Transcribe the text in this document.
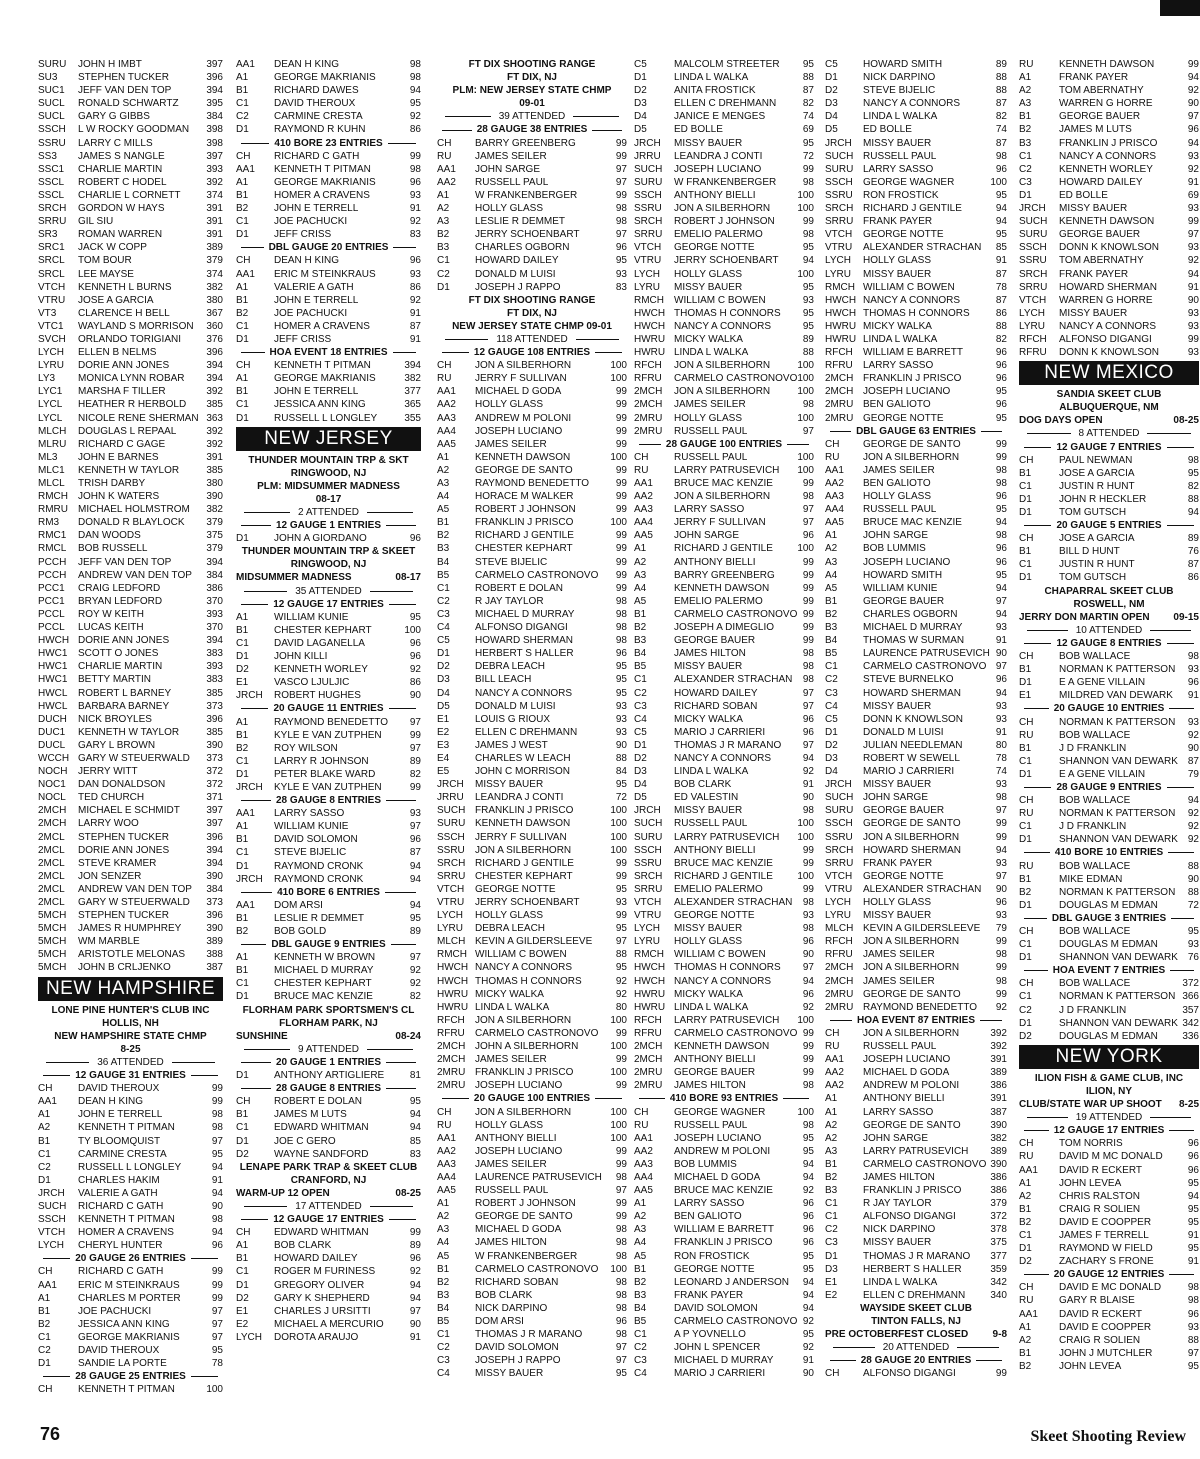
SURU	JOHN H IMBT	397
SU3	STEPHEN TUCKER	396
SUC1	JEFF VAN DEN TOP	394
SUCL	RONALD SCHWARTZ	395
SUCL	GARY G GIBBS	384
SSCH	L W ROCKY GOODMAN	398
SSRU	LARRY C MILLS	398
SS3	JAMES S NANGLE	397
SSC1	CHARLIE MARTIN	393
SSCL	ROBERT C HODEL	392
SSCL	CHARLIE L CORNETT	374
SRCH	GORDON W HAYS	391
SRRU	GIL SIU	391
SR3	ROMAN WARREN	391
SRC1	JACK W COPP	389
SRCL	TOM BOUR	379
SRCL	LEE MAYSE	374
VTCH	KENNETH L BURNS	382
VTRU	JOSE A GARCIA	380
VT3	CLARENCE H BELL	367
VTC1	WAYLAND S MORRISON	360
SVCH	ORLANDO TORIGIANI	376
LYCH	ELLEN B NELMS	396
LYRU	DORIE ANN JONES	394
LY3	MONICA LYNN ROBAR	394
LYC1	MARSHA F TILLER	392
LYCL	HEATHER R HERBOLD	385
LYCL	NICOLE RENE SHERMAN 363
MLCH	DOUGLAS L REPAAL	392
MLRU	RICHARD C GAGE	392
ML3	JOHN E BARNES	391
MLC1	KENNETH W TAYLOR	385
MLCL	TRISH DARBY	380
RMCH	JOHN K WATERS	390
RMRU	MICHAEL HOLMSTROM	382
RM3	DONALD R BLAYLOCK	379
RMC1	DAN WOODS	375
RMCL	BOB RUSSELL	379
PCCH	JEFF VAN DEN TOP	394
PCCH	ANDREW VAN DEN TOP	384
PCC1	CRAIG LEDFORD	386
PCC1	BRYAN LEDFORD	370
PCCL	ROY W KEITH	393
PCCL	LUCAS KEITH	370
HWCH DORIE ANN JONES	394
HWC1	SCOTT O JONES	383
HWC1	CHARLIE MARTIN	393
HWC1	BETTY MARTIN	383
HWCL	ROBERT L BARNEY	385
HWCL	BARBARA BARNEY	373
DUCH	NICK BROYLES	396
DUC1	KENNETH W TAYLOR	385
DUCL	GARY L BROWN	390
WCCH GARY W STEUERWALD	373
NOCH	JERRY WITT	372
NOC1	DAN DONALDSON	372
NOCL	TED CHURCH	371
2MCH	MICHAEL E SCHMIDT	397
2MCH	LARRY WOO	397
2MCL	STEPHEN TUCKER	396
2MCL	DORIE ANN JONES	394
2MCL	STEVE KRAMER	394
2MCL	JON SENZER	390
2MCL	ANDREW VAN DEN TOP	384
2MCL	GARY W STEUERWALD	373
5MCH	STEPHEN TUCKER	396
5MCH	JAMES R HUMPHREY	390
5MCH	WM MARBLE	389
5MCH	ARISTOTLE MELONAS	388
5MCH	JOHN B CRLJENKO	387
NEW HAMPSHIRE
LONE PINE HUNTER'S CLUB INC
HOLLIS, NH
NEW HAMPSHIRE STATE CHMP
8-25
36 ATTENDED
12 GAUGE 31 ENTRIES
CH	DAVID THEROUX	99
AA1	DEAN H KING	99
A1	JOHN E TERRELL	98
A2	KENNETH T PITMAN	98
B1	TY BLOOMQUIST	97
C1	CARMINE CRESTA	95
C2	RUSSELL L LONGLEY	94
D1	CHARLES HAKIM	91
JRCH	VALERIE A GATH	94
SUCH	RICHARD C GATH	90
SSCH	KENNETH T PITMAN	98
VTCH	HOMER A CRAVENS	94
LYCH	CHERYL HUNTER	96
20 GAUGE 26 ENTRIES
CH	RICHARD C GATH	99
AA1	ERIC M STEINKRAUS	99
A1	CHARLES M PORTER	99
B1	JOE PACHUCKI	97
B2	JESSICA ANN KING	97
C1	GEORGE MAKRIANIS	97
C2	DAVID THEROUX	95
D1	SANDIE LA PORTE	78
28 GAUGE 25 ENTRIES
CH	KENNETH T PITMAN	100
AA1	DEAN H KING	98
A1	GEORGE MAKRIANIS	98
B1	RICHARD DAWES	94
C1	DAVID THEROUX	95
C2	CARMINE CRESTA	92
D1	RAYMOND R KUHN	86
410 BORE 23 ENTRIES
CH	RICHARD C GATH	99
AA1	KENNETH T PITMAN	98
A1	GEORGE MAKRIANIS	96
B1	HOMER A CRAVENS	93
B2	JOHN E TERRELL	91
C1	JOE PACHUCKI	92
D1	JEFF CRISS	83
DBL GAUGE 20 ENTRIES
CH	DEAN H KING	96
AA1	ERIC M STEINKRAUS	93
A1	VALERIE A GATH	86
B1	JOHN E TERRELL	92
B2	JOE PACHUCKI	91
C1	HOMER A CRAVENS	87
D1	JEFF CRISS	91
HOA EVENT 18 ENTRIES
CH	KENNETH T PITMAN	394
A1	GEORGE MAKRIANIS	382
B1	JOHN E TERRELL	377
C1	JESSICA ANN KING	365
D1	RUSSELL L LONGLEY	355
NEW JERSEY
THUNDER MOUNTAIN TRP & SKT
RINGWOOD, NJ
PLM: MIDSUMMER MADNESS
08-17
2 ATTENDED
12 GAUGE 1 ENTRIES
D1	JOHN A GIORDANO	96
THUNDER MOUNTAIN TRP & SKEET
RINGWOOD, NJ
MIDSUMMER MADNESS	08-17
35 ATTENDED
12 GAUGE 17 ENTRIES
A1	WILLIAM KUNIE	95
B1	CHESTER KEPHART	100
C1	DAVID LAGANELLA	96
D1	JOHN KILLI	96
D2	KENNETH WORLEY	92
E1	VASCO LJULJIC	86
JRCH	ROBERT HUGHES	90
20 GAUGE 11 ENTRIES
A1	RAYMOND BENEDETTO	97
B1	KYLE E VAN ZUTPHEN	99
B2	ROY WILSON	97
C1	LARRY R JOHNSON	89
D1	PETER BLAKE WARD	82
JRCH	KYLE E VAN ZUTPHEN	99
28 GAUGE 8 ENTRIES
AA1	LARRY SASSO	93
A1	WILLIAM KUNIE	97
B1	DAVID SOLOMON	96
C1	STEVE BIJELIC	87
D1	RAYMOND CRONK	94
JRCH	RAYMOND CRONK	94
410 BORE 6 ENTRIES
AA1	DOM ARSI	94
B1	LESLIE R DEMMET	95
B2	BOB GOLD	89
DBL GAUGE 9 ENTRIES
A1	KENNETH W BROWN	97
B1	MICHAEL D MURRAY	92
C1	CHESTER KEPHART	92
D1	BRUCE MAC KENZIE	82
FLORHAM PARK SPORTSMEN'S CL
FLORHAM PARK, NJ
SUNSHINE	08-24
9 ATTENDED
20 GAUGE 1 ENTRIES
D1	ANTHONY ARTIGLIERE	81
28 GAUGE 8 ENTRIES
CH	ROBERT E DOLAN	95
B1	JAMES M LUTS	94
C1	EDWARD WHITMAN	94
D1	JOE C GERO	85
D2	WAYNE SANDFORD	83
LENAPE PARK TRAP & SKEET CLUB
CRANFORD, NJ
WARM-UP 12 OPEN	08-25
17 ATTENDED
12 GAUGE 17 ENTRIES
CH	EDWARD WHITMAN	99
A1	BOB CLARK	89
B1	HOWARD DAILEY	96
C1	ROGER M FURINESS	92
D1	GREGORY OLIVER	94
D2	GARY K SHEPHERD	94
E1	CHARLES J URSITTI	97
E2	MICHAEL A MERCURIO	90
LYCH	DOROTA ARAUJO	91
FT DIX SHOOTING RANGE
FT DIX, NJ
PLM: NEW JERSEY STATE CHMP
09-01
39 ATTENDED
28 GAUGE 38 ENTRIES
CH	BARRY GREENBERG	99
RU	JAMES SEILER	99
AA1	JOHN SARGE	97
AA2	RUSSELL PAUL	97
A1	W FRANKENBERGER	99
A2	HOLLY GLASS	98
A3	LESLIE R DEMMET	98
B2	JERRY SCHOENBART	97
B3	CHARLES OGBORN	96
C1	HOWARD DAILEY	95
C2	DONALD M LUISI	93
D1	JOSEPH J RAPPO	83
FT DIX SHOOTING RANGE
FT DIX, NJ
NEW JERSEY STATE CHMP 09-01
118 ATTENDED
12 GAUGE 108 ENTRIES
CH	JON A SILBERHORN	100
RU	JERRY F SULLIVAN	100
AA1	MICHAEL D GODA	99
AA2	HOLLY GLASS	99
AA3	ANDREW M POLONI	99
AA4	JOSEPH LUCIANO	99
AA5	JAMES SEILER	99
A1	KENNETH DAWSON	100
A2	GEORGE DE SANTO	99
A3	RAYMOND BENEDETTO	99
A4	HORACE M WALKER	99
A5	ROBERT J JOHNSON	99
B1	FRANKLIN J PRISCO	100
B2	RICHARD J GENTILE	99
B3	CHESTER KEPHART	99
B4	STEVE BIJELIC	99
B5	CARMELO CASTRONOVO	99
C1	ROBERT E DOLAN	99
C2	R JAY TAYLOR	98
C3	MICHAEL D MURRAY	98
C4	ALFONSO DIGANGI	98
C5	HOWARD SHERMAN	98
D1	HERBERT S HALLER	96
D2	DEBRA LEACH	95
D3	BILL LEACH	95
D4	NANCY A CONNORS	95
D5	DONALD M LUISI	93
E1	LOUIS G RIOUX	93
E2	ELLEN C DREHMANN	93
E3	JAMES J WEST	90
E4	CHARLES W LEACH	88
E5	JOHN C MORRISON	84
JRCH	MISSY BAUER	95
JRRU	LEANDRA J CONTI	72
SUCH FRANKLIN J PRISCO	100
SURU KENNETH DAWSON	100
SSCH	JERRY F SULLIVAN	100
SSRU	JON A SILBERHORN	100
SRCH RICHARD J GENTILE	99
SRRU CHESTER KEPHART	99
VTCH	GEORGE NOTTE	95
VTRU	JERRY SCHOENBART	93
LYCH	HOLLY GLASS	99
LYRU	DEBRA LEACH	95
MLCH KEVIN A GILDERSLEEVE	97
RMCH WILLIAM C BOWEN	88
HWCH NANCY A CONNORS	95
HWCH THOMAS H CONNORS	92
HWRU MICKY WALKA	92
HWRU LINDA L WALKA	80
RFCH	JON A SILBERHORN	100
RFRU	CARMELO CASTRONOVO	99
2MCH JOHN A SILBERHORN	100
2MCH JAMES SEILER	99
2MRU FRANKLIN J PRISCO	100
2MRU JOSEPH LUCIANO	99
20 GAUGE 100 ENTRIES
CH	JON A SILBERHORN	100
RU	HOLLY GLASS	100
AA1	ANTHONY BIELLI	100
AA2	JOSEPH LUCIANO	99
AA3	JAMES SEILER	99
AA4	LAURENCE PATRUSEVICH	98
AA5	RUSSELL PAUL	97
A1	ROBERT J JOHNSON	99
A2	GEORGE DE SANTO	99
A3	MICHAEL D GODA	98
A4	JAMES HILTON	98
A5	W FRANKENBERGER	98
B1	CARMELO CASTRONOVO	100
B2	RICHARD SOBAN	98
B3	BOB CLARK	98
B4	NICK DARPINO	98
B5	DOM ARSI	96
C1	THOMAS J R MARANO	98
C2	DAVID SOLOMON	97
C3	JOSEPH J RAPPO	97
C4	MISSY BAUER	95
C5	MALCOLM STREETER	95
D1	LINDA L WALKA	88
D2	ANITA FROSTICK	87
D3	ELLEN C DREHMANN	82
D4	JANICE E MENGES	74
D5	ED BOLLE	69
JRCH	MISSY BAUER	95
JRRU	LEANDRA J CONTI	72
SUCH	JOSEPH LUCIANO	99
SURU	W FRANKENBERGER	98
SSCH	ANTHONY BIELLI	100
SSRU	JON A SILBERHORN	100
SRCH	ROBERT J JOHNSON	99
SRRU	EMELIO PALERMO	98
VTCH	GEORGE NOTTE	95
VTRU	JERRY SCHOENBART	94
LYCH	HOLLY GLASS	100
LYRU	MISSY BAUER	95
RMCH	WILLIAM C BOWEN	93
HWCH THOMAS H CONNORS	95
HWCH NANCY A CONNORS	95
HWRU MICKY WALKA	89
HWRU LINDA L WALKA	88
RFCH	JON A SILBERHORN	100
RFRU	CARMELO CASTRONOVO 100
2MCH	JON A SILBERHORN	100
2MCH	JAMES SEILER	98
2MRU	HOLLY GLASS	100
2MRU	RUSSELL PAUL	97
28 GAUGE 100 ENTRIES
CH	RUSSELL PAUL	100
RU	LARRY PATRUSEVICH	100
AA1	BRUCE MAC KENZIE	99
AA2	JON A SILBERHORN	98
AA3	LARRY SASSO	97
AA4	JERRY F SULLIVAN	97
AA5	JOHN SARGE	96
A1	RICHARD J GENTILE	100
A2	ANTHONY BIELLI	99
A3	BARRY GREENBERG	99
A4	KENNETH DAWSON	99
A5	EMELIO PALERMO	99
B1	CARMELO CASTRONOVO 99
B2	JOSEPH A DIMEGLIO	99
B3	GEORGE BAUER	99
B4	JAMES HILTON	98
B5	MISSY BAUER	98
C1	ALEXANDER STRACHAN	98
C2	HOWARD DAILEY	97
C3	RICHARD SOBAN	97
C4	MICKY WALKA	96
C5	MARIO J CARRIERI	96
D1	THOMAS J R MARANO	97
D2	NANCY A CONNORS	94
D3	LINDA L WALKA	92
D4	BOB CLARK	91
D5	ED VALESTIN	90
JRCH	MISSY BAUER	98
SUCH	RUSSELL PAUL	100
SURU	LARRY PATRUSEVICH	100
SSCH	ANTHONY BIELLI	99
SSRU	BRUCE MAC KENZIE	99
SRCH	RICHARD J GENTILE	100
SRRU	EMELIO PALERMO	99
VTCH	ALEXANDER STRACHAN	98
VTRU	GEORGE NOTTE	93
LYCH	MISSY BAUER	98
LYRU	HOLLY GLASS	96
RMCH	WILLIAM C BOWEN	90
HWCH THOMAS H CONNORS	97
HWCH NANCY A CONNORS	94
HWRU MICKY WALKA	96
HWRU LINDA L WALKA	92
RFCH	LARRY PATRUSEVICH	100
RFRU	CARMELO CASTRONOVO 99
2MCH	KENNETH DAWSON	99
2MCH	ANTHONY BIELLI	99
2MRU	GEORGE BAUER	99
2MRU	JAMES HILTON	98
410 BORE 93 ENTRIES
CH	GEORGE WAGNER	100
RU	RUSSELL PAUL	98
AA1	JOSEPH LUCIANO	95
AA2	ANDREW M POLONI	95
AA3	BOB LUMMIS	94
AA4	MICHAEL D GODA	94
AA5	BRUCE MAC KENZIE	92
A1	LARRY SASSO	96
A2	BEN GALIOTO	96
A3	WILLIAM E BARRETT	96
A4	FRANKLIN J PRISCO	96
A5	RON FROSTICK	95
B1	GEORGE NOTTE	95
B2	LEONARD J ANDERSON	94
B3	FRANK PAYER	94
B4	DAVID SOLOMON	94
B5	CARMELO CASTRONOVO 92
C1	A P YOVNELLO	95
C2	JOHN L SPENCER	92
C3	MICHAEL D MURRAY	91
C4	MARIO J CARRIERI	90
C5	HOWARD SMITH	89
D1	NICK DARPINO	88
D2	STEVE BIJELIC	88
D3	NANCY A CONNORS	87
D4	LINDA L WALKA	82
D5	ED BOLLE	74
JRCH	MISSY BAUER	87
SUCH RUSSELL PAUL	98
SURU LARRY SASSO	96
SSCH	GEORGE WAGNER	100
SSRU	RON FROSTICK	95
SRCH RICHARD J GENTILE	94
SRRU FRANK PAYER	94
VTCH	GEORGE NOTTE	95
VTRU	ALEXANDER STRACHAN	85
LYCH	HOLLY GLASS	91
LYRU	MISSY BAUER	87
RMCH WILLIAM C BOWEN	78
HWCH NANCY A CONNORS	87
HWCH THOMAS H CONNORS	86
HWRU MICKY WALKA	88
HWRU LINDA L WALKA	82
RFCH	WILLIAM E BARRETT	96
RFRU	LARRY SASSO	96
2MCH FRANKLIN J PRISCO	96
2MCH JOSEPH LUCIANO	95
2MRU BEN GALIOTO	96
2MRU GEORGE NOTTE	95
DBL GAUGE 63 ENTRIES
CH	GEORGE DE SANTO	99
RU	JON A SILBERHORN	99
AA1	JAMES SEILER	98
AA2	BEN GALIOTO	98
AA3	HOLLY GLASS	96
AA4	RUSSELL PAUL	95
AA5	BRUCE MAC KENZIE	94
A1	JOHN SARGE	98
A2	BOB LUMMIS	96
A3	JOSEPH LUCIANO	96
A4	HOWARD SMITH	95
A5	WILLIAM KUNIE	94
B1	GEORGE BAUER	97
B2	CHARLES OGBORN	94
B3	MICHAEL D MURRAY	93
B4	THOMAS W SURMAN	91
B5	LAURENCE PATRUSEVICH 90
C1	CARMELO CASTRONOVO 97
C2	STEVE BURNELKO	96
C3	HOWARD SHERMAN	94
C4	MISSY BAUER	93
C5	DONN K KNOWLSON	93
D1	DONALD M LUISI	91
D2	JULIAN NEEDLEMAN	80
D3	ROBERT W SEWELL	78
D4	MARIO J CARRIERI	74
JRCH	MISSY BAUER	93
SUCH JOHN SARGE	98
SURU GEORGE BAUER	97
SSCH	GEORGE DE SANTO	99
SSRU	JON A SILBERHORN	99
SRCH HOWARD SHERMAN	94
SRRU FRANK PAYER	93
VTCH	GEORGE NOTTE	97
VTRU	ALEXANDER STRACHAN	90
LYCH	HOLLY GLASS	96
LYRU	MISSY BAUER	93
MLCH KEVIN A GILDERSLEEVE	79
RFCH	JON A SILBERHORN	99
RFRU	JAMES SEILER	98
2MCH JON A SILBERHORN	99
2MCH JAMES SEILER	98
2MRU GEORGE DE SANTO	99
2MRU RAYMOND BENEDETTO	92
HOA EVENT 87 ENTRIES
CH	JON A SILBERHORN	392
RU	RUSSELL PAUL	392
AA1	JOSEPH LUCIANO	391
AA2	MICHAEL D GODA	389
AA2	ANDREW M POLONI	386
A1	ANTHONY BIELLI	391
A1	LARRY SASSO	387
A2	GEORGE DE SANTO	390
A2	JOHN SARGE	382
A3	LARRY PATRUSEVICH	389
B1	CARMELO CASTRONOVO 390
B2	JAMES HILTON	386
B3	FRANKLIN J PRISCO	386
C1	R JAY TAYLOR	379
C1	ALFONSO DIGANGI	372
C2	NICK DARPINO	378
C3	MISSY BAUER	375
D1	THOMAS J R MARANO	377
D3	HERBERT S HALLER	359
E1	LINDA L WALKA	342
E2	ELLEN C DREHMANN	340
WAYSIDE SKEET CLUB
TINTON FALLS, NJ
PRE OCTOBERFEST CLOSED	9-8
20 ATTENDED
28 GAUGE 20 ENTRIES
CH	ALFONSO DIGANGI	99
RU	KENNETH DAWSON	99
A1	FRANK PAYER	94
A2	TOM ABERNATHY	92
A3	WARREN G HORRE	90
B1	GEORGE BAUER	97
B2	JAMES M LUTS	96
B3	FRANKLIN J PRISCO	94
C1	NANCY A CONNORS	93
C2	KENNETH WORLEY	92
C3	HOWARD DAILEY	91
D1	ED BOLLE	69
JRCH	MISSY BAUER	93
SUCH	KENNETH DAWSON	99
SURU	GEORGE BAUER	97
SSCH	DONN K KNOWLSON	93
SSRU	TOM ABERNATHY	92
SRCH	FRANK PAYER	94
SRRU	HOWARD SHERMAN	91
VTCH	WARREN G HORRE	90
LYCH	MISSY BAUER	93
LYRU	NANCY A CONNORS	93
RFCH	ALFONSO DIGANGI	99
RFRU	DONN K KNOWLSON	93
NEW MEXICO
SANDIA SKEET CLUB
ALBUQUERQUE, NM
DOG DAYS OPEN	08-25
8 ATTENDED
12 GAUGE 7 ENTRIES
CH	PAUL NEWMAN	98
B1	JOSE A GARCIA	95
C1	JUSTIN R HUNT	82
D1	JOHN R HECKLER	88
D1	TOM GUTSCH	94
20 GAUGE 5 ENTRIES
CH	JOSE A GARCIA	89
B1	BILL D HUNT	76
C1	JUSTIN R HUNT	87
D1	TOM GUTSCH	86
CHAPARRAL SKEET CLUB
ROSWELL, NM
JERRY DON MARTIN OPEN	09-15
10 ATTENDED
12 GAUGE 8 ENTRIES
CH	BOB WALLACE	98
B1	NORMAN K PATTERSON	93
D1	E A GENE VILLAIN	96
E1	MILDRED VAN DEWARK	91
20 GAUGE 10 ENTRIES
CH	NORMAN K PATTERSON	93
RU	BOB WALLACE	92
B1	J D FRANKLIN	90
C1	SHANNON VAN DEWARK 87
D1	E A GENE VILLAIN	79
28 GAUGE 9 ENTRIES
CH	BOB WALLACE	94
RU	NORMAN K PATTERSON	92
C1	J D FRANKLIN	92
D1	SHANNON VAN DEWARK 92
410 BORE 10 ENTRIES
RU	BOB WALLACE	88
B1	MIKE EDMAN	90
B2	NORMAN K PATTERSON	88
D1	DOUGLAS M EDMAN	72
DBL GAUGE 3 ENTRIES
CH	BOB WALLACE	95
C1	DOUGLAS M EDMAN	93
D1	SHANNON VAN DEWARK 76
HOA EVENT 7 ENTRIES
CH	BOB WALLACE	372
C1	NORMAN K PATTERSON 366
C2	J D FRANKLIN	357
D1	SHANNON VAN DEWARK 342
D2	DOUGLAS M EDMAN	336
NEW YORK
ILION FISH & GAME CLUB, INC
ILION, NY
CLUB/STATE WAR UP SHOOT	8-25
19 ATTENDED
12 GAUGE 17 ENTRIES
CH	TOM NORRIS	96
RU	DAVID M MC DONALD	96
AA1	DAVID R ECKERT	96
A1	JOHN LEVEA	95
A2	CHRIS RALSTON	94
B1	CRAIG R SOLIEN	95
B2	DAVID E COOPPER	95
C1	JAMES F TERRELL	91
D1	RAYMOND W FIELD	95
D2	ZACHARY S FRONE	91
20 GAUGE 12 ENTRIES
CH	DAVID E MC DONALD	98
RU	GARY R BLAISE	98
AA1	DAVID R ECKERT	96
A1	DAVID E COOPPER	93
A2	CRAIG R SOLIEN	88
B1	JOHN J MUTCHLER	97
B2	JOHN LEVEA	95
76	Skeet Shooting Review
